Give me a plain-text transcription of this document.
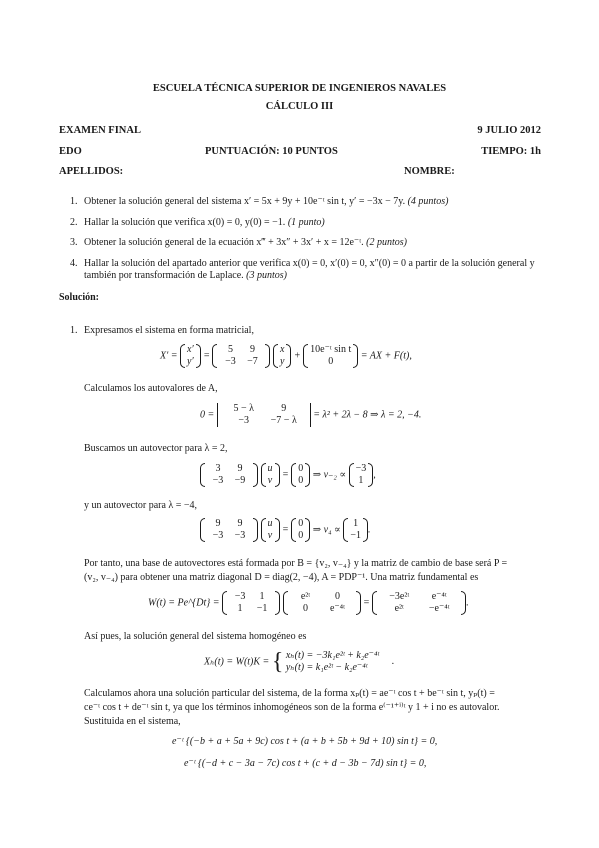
ESCUELA TÉCNICA SUPERIOR DE INGENIEROS NAVALES
CÁLCULO III
EXAMEN FINAL	9 JULIO 2012
EDO	PUNTUACIÓN: 10 PUNTOS	TIEMPO: 1h
APELLIDOS:	NOMBRE:
1. Obtener la solución general del sistema x′ = 5x + 9y + 10e⁻ᵗ sin t, y′ = −3x − 7y. (4 puntos)
2. Hallar la solución que verifica x(0) = 0, y(0) = −1. (1 punto)
3. Obtener la solución general de la ecuación x‴ + 3x″ + 3x′ + x = 12e⁻ᵗ. (2 puntos)
4. Hallar la solución del apartado anterior que verifica x(0) = 0, x′(0) = 0, x″(0) = 0 a partir de la solución general y también por transformación de Laplace. (3 puntos)
Solución:
1. Expresamos el sistema en forma matricial,
X′ =
x′
y′
=
5 9
−3 −7

x
y
+
10e⁻ᵗ sin t
0
= AX + F(t),
Calculamos los autovalores de A,
0 =
5 − λ	9
−3 −7 − λ
= λ² + 2λ − 8 ⇒ λ = 2, −4.
Buscamos un autovector para λ = 2,
3 9
−3 −9

u
v
=
0
0
⇒ v₋₂ ∝
−3
1
,
y un autovector para λ = −4,
9 9
−3 −3

u
v
=
0
0
⇒ v₄ ∝
1
−1
.
Por tanto, una base de autovectores está formada por B = {v₂, v₋₄} y la matriz de cambio de base será P =
(v₂, v₋₄) para obtener una matriz diagonal D = diag(2, −4), A = PDP⁻¹. Una matriz fundamental es
W(t) = Pe^{Dt} =
−3 1
1 −1

e²ᵗ 0
0 e⁻⁴ᵗ
=
−3e²ᵗ e⁻⁴ᵗ
e²ᵗ −e⁻⁴ᵗ
.
Así pues, la solución general del sistema homogéneo es
Xₕ(t) = W(t)K = { xₕ(t) = −3k₁e²ᵗ + k₂e⁻⁴ᵗ
yₕ(t) = k₁e²ᵗ − k₂e⁻⁴ᵗ
.
Calculamos ahora una solución particular del sistema, de la forma xₚ(t) = ae⁻ᵗ cos t + be⁻ᵗ sin t, yₚ(t) =
ce⁻ᵗ cos t + de⁻ᵗ sin t, ya que los términos inhomogéneos son de la forma e⁽⁻¹⁺ⁱ⁾ᵗ y 1 + i no es autovalor.
Sustituida en el sistema,
e⁻ᵗ {(−b + a + 5a + 9c) cos t + (a + b + 5b + 9d + 10) sin t} = 0,
e⁻ᵗ {(−d + c − 3a − 7c) cos t + (c + d − 3b − 7d) sin t} = 0,
